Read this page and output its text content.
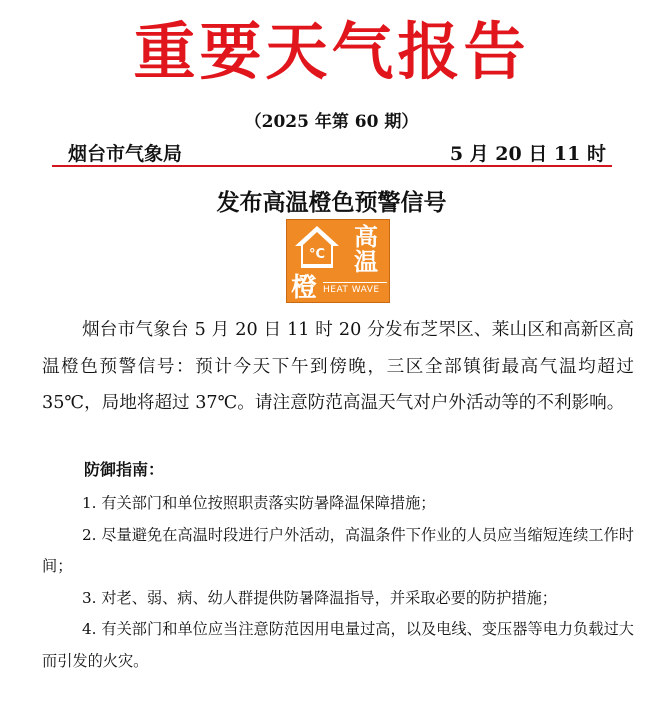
重要天气报告
（2025 年第 60 期）
烟台市气象局	5 月 20 日 11 时
发布高温橙色预警信号
°C
高
温
橙 HEAT WAVE
烟台市气象台 5 月 20 日 11 时 20 分发布芝罘区、莱山区和高新区高温橙色预警信号：预计今天下午到傍晚，三区全部镇街最高气温均超过 35℃，局地将超过 37℃。请注意防范高温天气对户外活动等的不利影响。
防御指南：
1. 有关部门和单位按照职责落实防暑降温保障措施；
2. 尽量避免在高温时段进行户外活动，高温条件下作业的人员应当缩短连续工作时间；
3. 对老、弱、病、幼人群提供防暑降温指导，并采取必要的防护措施；
4. 有关部门和单位应当注意防范因用电量过高，以及电线、变压器等电力负载过大而引发的火灾。
